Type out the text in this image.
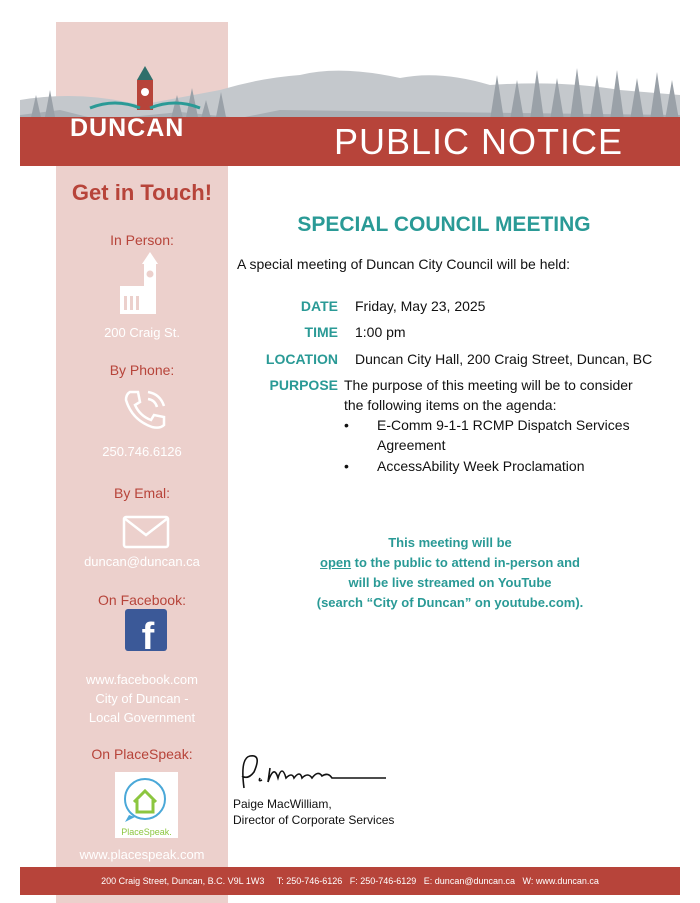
DUNCAN	PUBLIC NOTICE
Get in Touch!
In Person:
200 Craig St.
By Phone:
250.746.6126
By Emal:
duncan@duncan.ca
On Facebook:
f
www.facebook.com
City of Duncan -
Local Government
On PlaceSpeak:
PlaceSpeak.
www.placespeak.com
SPECIAL COUNCIL MEETING
A special meeting of Duncan City Council will be held:
DATE Friday, May 23, 2025
TIME 1:00 pm
LOCATION Duncan City Hall, 200 Craig Street, Duncan, BC
PURPOSE The purpose of this meeting will be to consider
the following items on the agenda:
• E-Comm 9-1-1 RCMP Dispatch Services
Agreement
• AccessAbility Week Proclamation
This meeting will be
open to the public to attend in-person and
will be live streamed on YouTube
(search “City of Duncan” on youtube.com).
Paige MacWilliam,
Director of Corporate Services
200 Craig Street, Duncan, B.C. V9L 1W3     T: 250-746-6126   F: 250-746-6129   E: duncan@duncan.ca   W: www.duncan.ca
